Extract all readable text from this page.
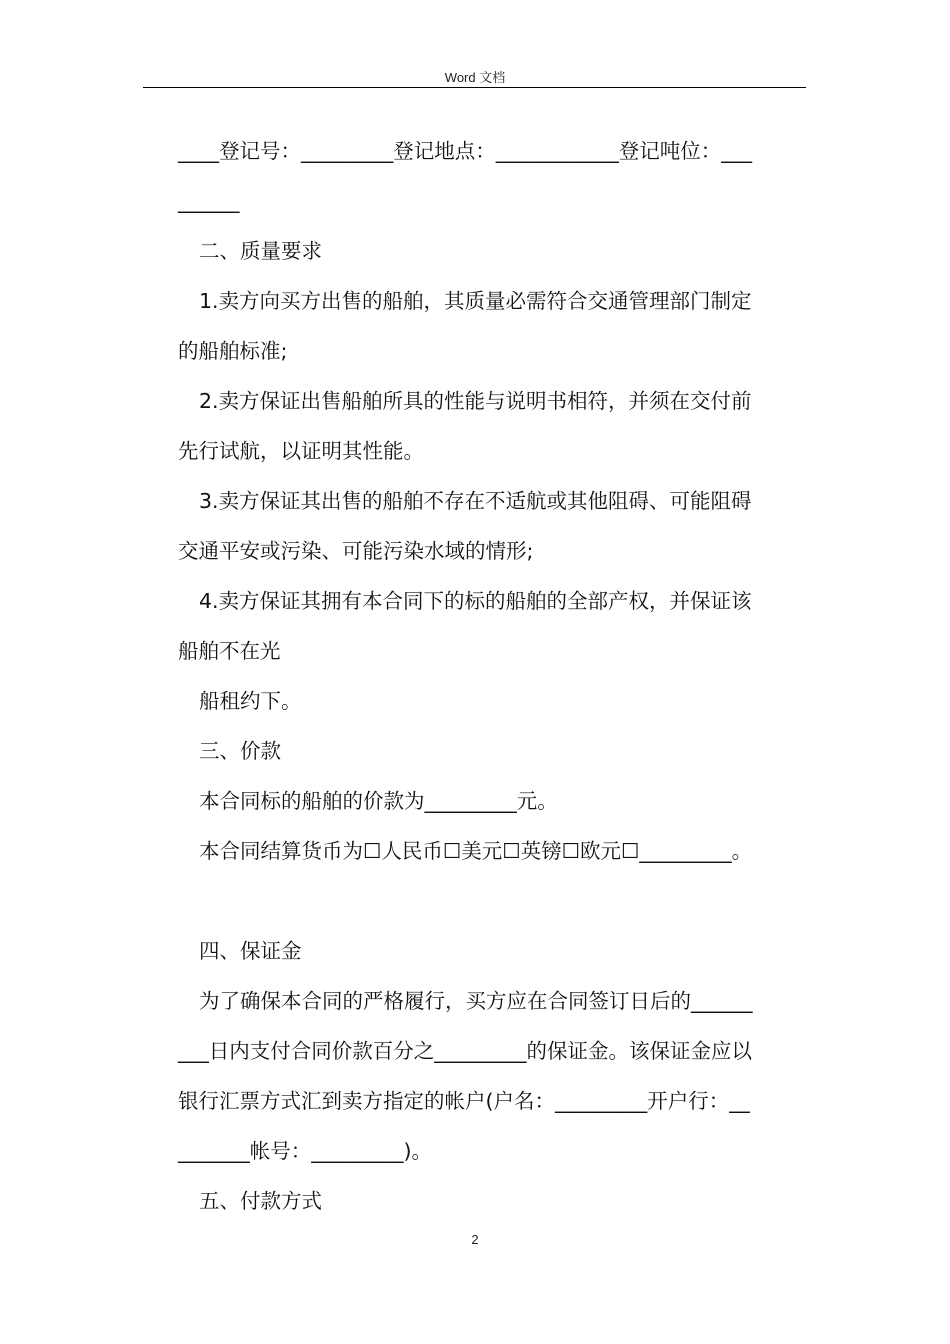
Word 文档
____登记号：_________登记地点：____________登记吨位：___
______
二、质量要求
1.卖方向买方出售的船舶，其质量必需符合交通管理部门制定
的船舶标准;
2.卖方保证出售船舶所具的性能与说明书相符，并须在交付前
先行试航，以证明其性能。
3.卖方保证其出售的船舶不存在不适航或其他阻碍、可能阻碍
交通平安或污染、可能污染水域的情形;
4.卖方保证其拥有本合同下的标的船舶的全部产权，并保证该
船舶不在光
船租约下。
三、价款
本合同标的船舶的价款为_________元。
本合同结算货币为☐人民币☐美元☐英镑☐欧元☐_________。
四、保证金
为了确保本合同的严格履行，买方应在合同签订日后的______
___日内支付合同价款百分之_________的保证金。该保证金应以
银行汇票方式汇到卖方指定的帐户(户名：_________开户行：__
_______帐号：_________)。
五、付款方式
2
